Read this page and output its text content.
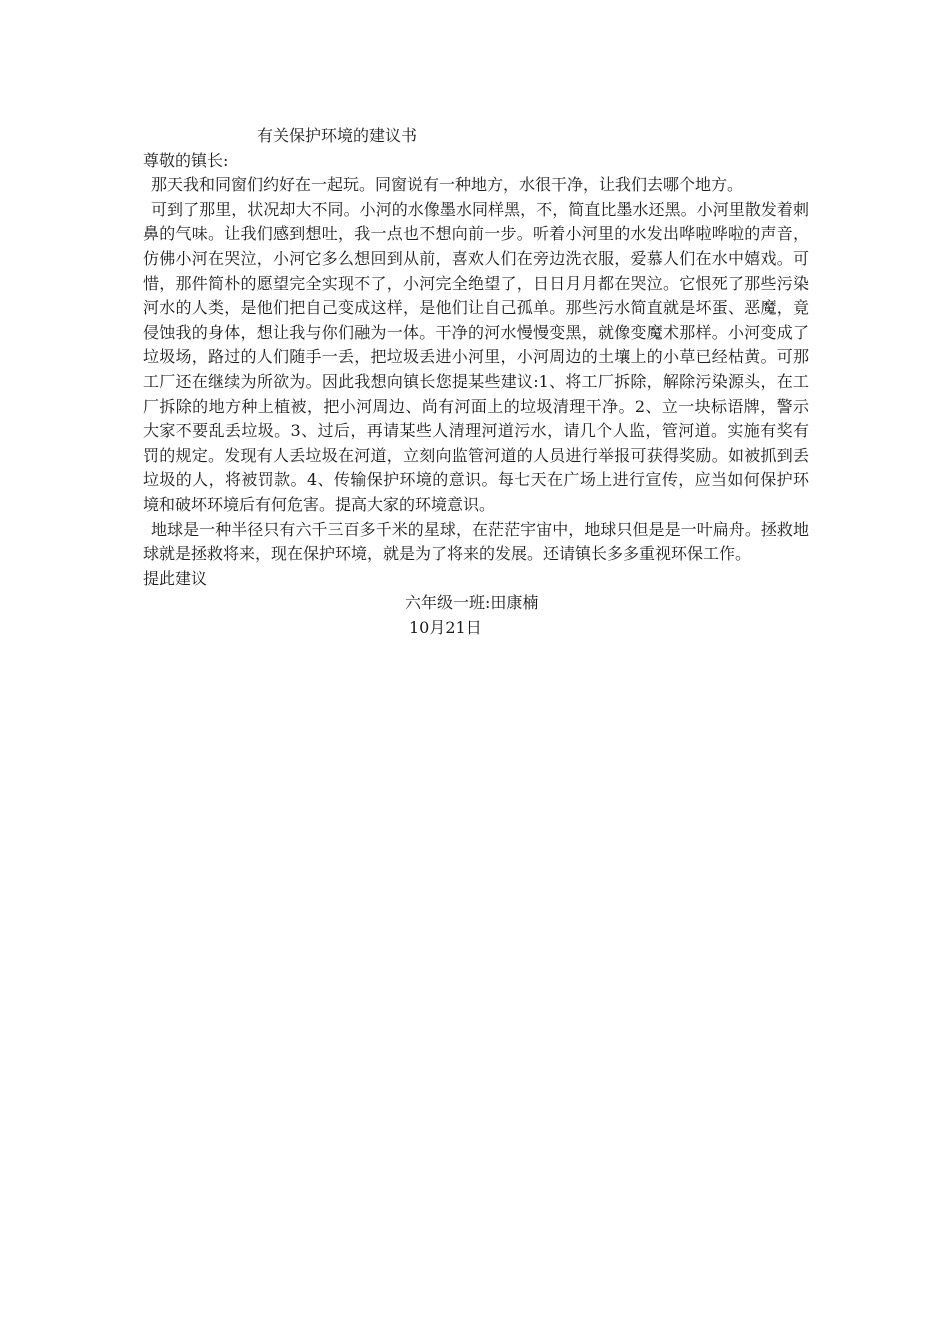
有关保护环境的建议书

尊敬的镇长:

那天我和同窗们约好在一起玩。同窗说有一种地方，水很干净，让我们去哪个地方。

可到了那里，状况却大不同。小河的水像墨水同样黑，不，简直比墨水还黑。小河里散发着刺鼻的气味。让我们感到想吐，我一点也不想向前一步。听着小河里的水发出哗啦哗啦的声音，仿佛小河在哭泣，小河它多么想回到从前，喜欢人们在旁边洗衣服，爱慕人们在水中嬉戏。可惜，那件简朴的愿望完全实现不了，小河完全绝望了，日日月月都在哭泣。它恨死了那些污染河水的人类，是他们把自己变成这样，是他们让自己孤单。那些污水简直就是坏蛋、恶魔，竟侵蚀我的身体，想让我与你们融为一体。干净的河水慢慢变黑，就像变魔术那样。小河变成了垃圾场，路过的人们随手一丢，把垃圾丢进小河里，小河周边的土壤上的小草已经枯黄。可那工厂还在继续为所欲为。因此我想向镇长您提某些建议:1、将工厂拆除，解除污染源头，在工厂拆除的地方种上植被，把小河周边、尚有河面上的垃圾清理干净。2、立一块标语牌，警示大家不要乱丢垃圾。3、过后，再请某些人清理河道污水，请几个人监，管河道。实施有奖有罚的规定。发现有人丢垃圾在河道，立刻向监管河道的人员进行举报可获得奖励。如被抓到丢垃圾的人，将被罚款。4、传输保护环境的意识。每七天在广场上进行宣传，应当如何保护环境和破坏环境后有何危害。提高大家的环境意识。

地球是一种半径只有六千三百多千米的星球，在茫茫宇宙中，地球只但是是一叶扁舟。拯救地球就是拯救将来，现在保护环境，就是为了将来的发展。还请镇长多多重视环保工作。

提此建议

六年级一班:田康楠

10月21日
